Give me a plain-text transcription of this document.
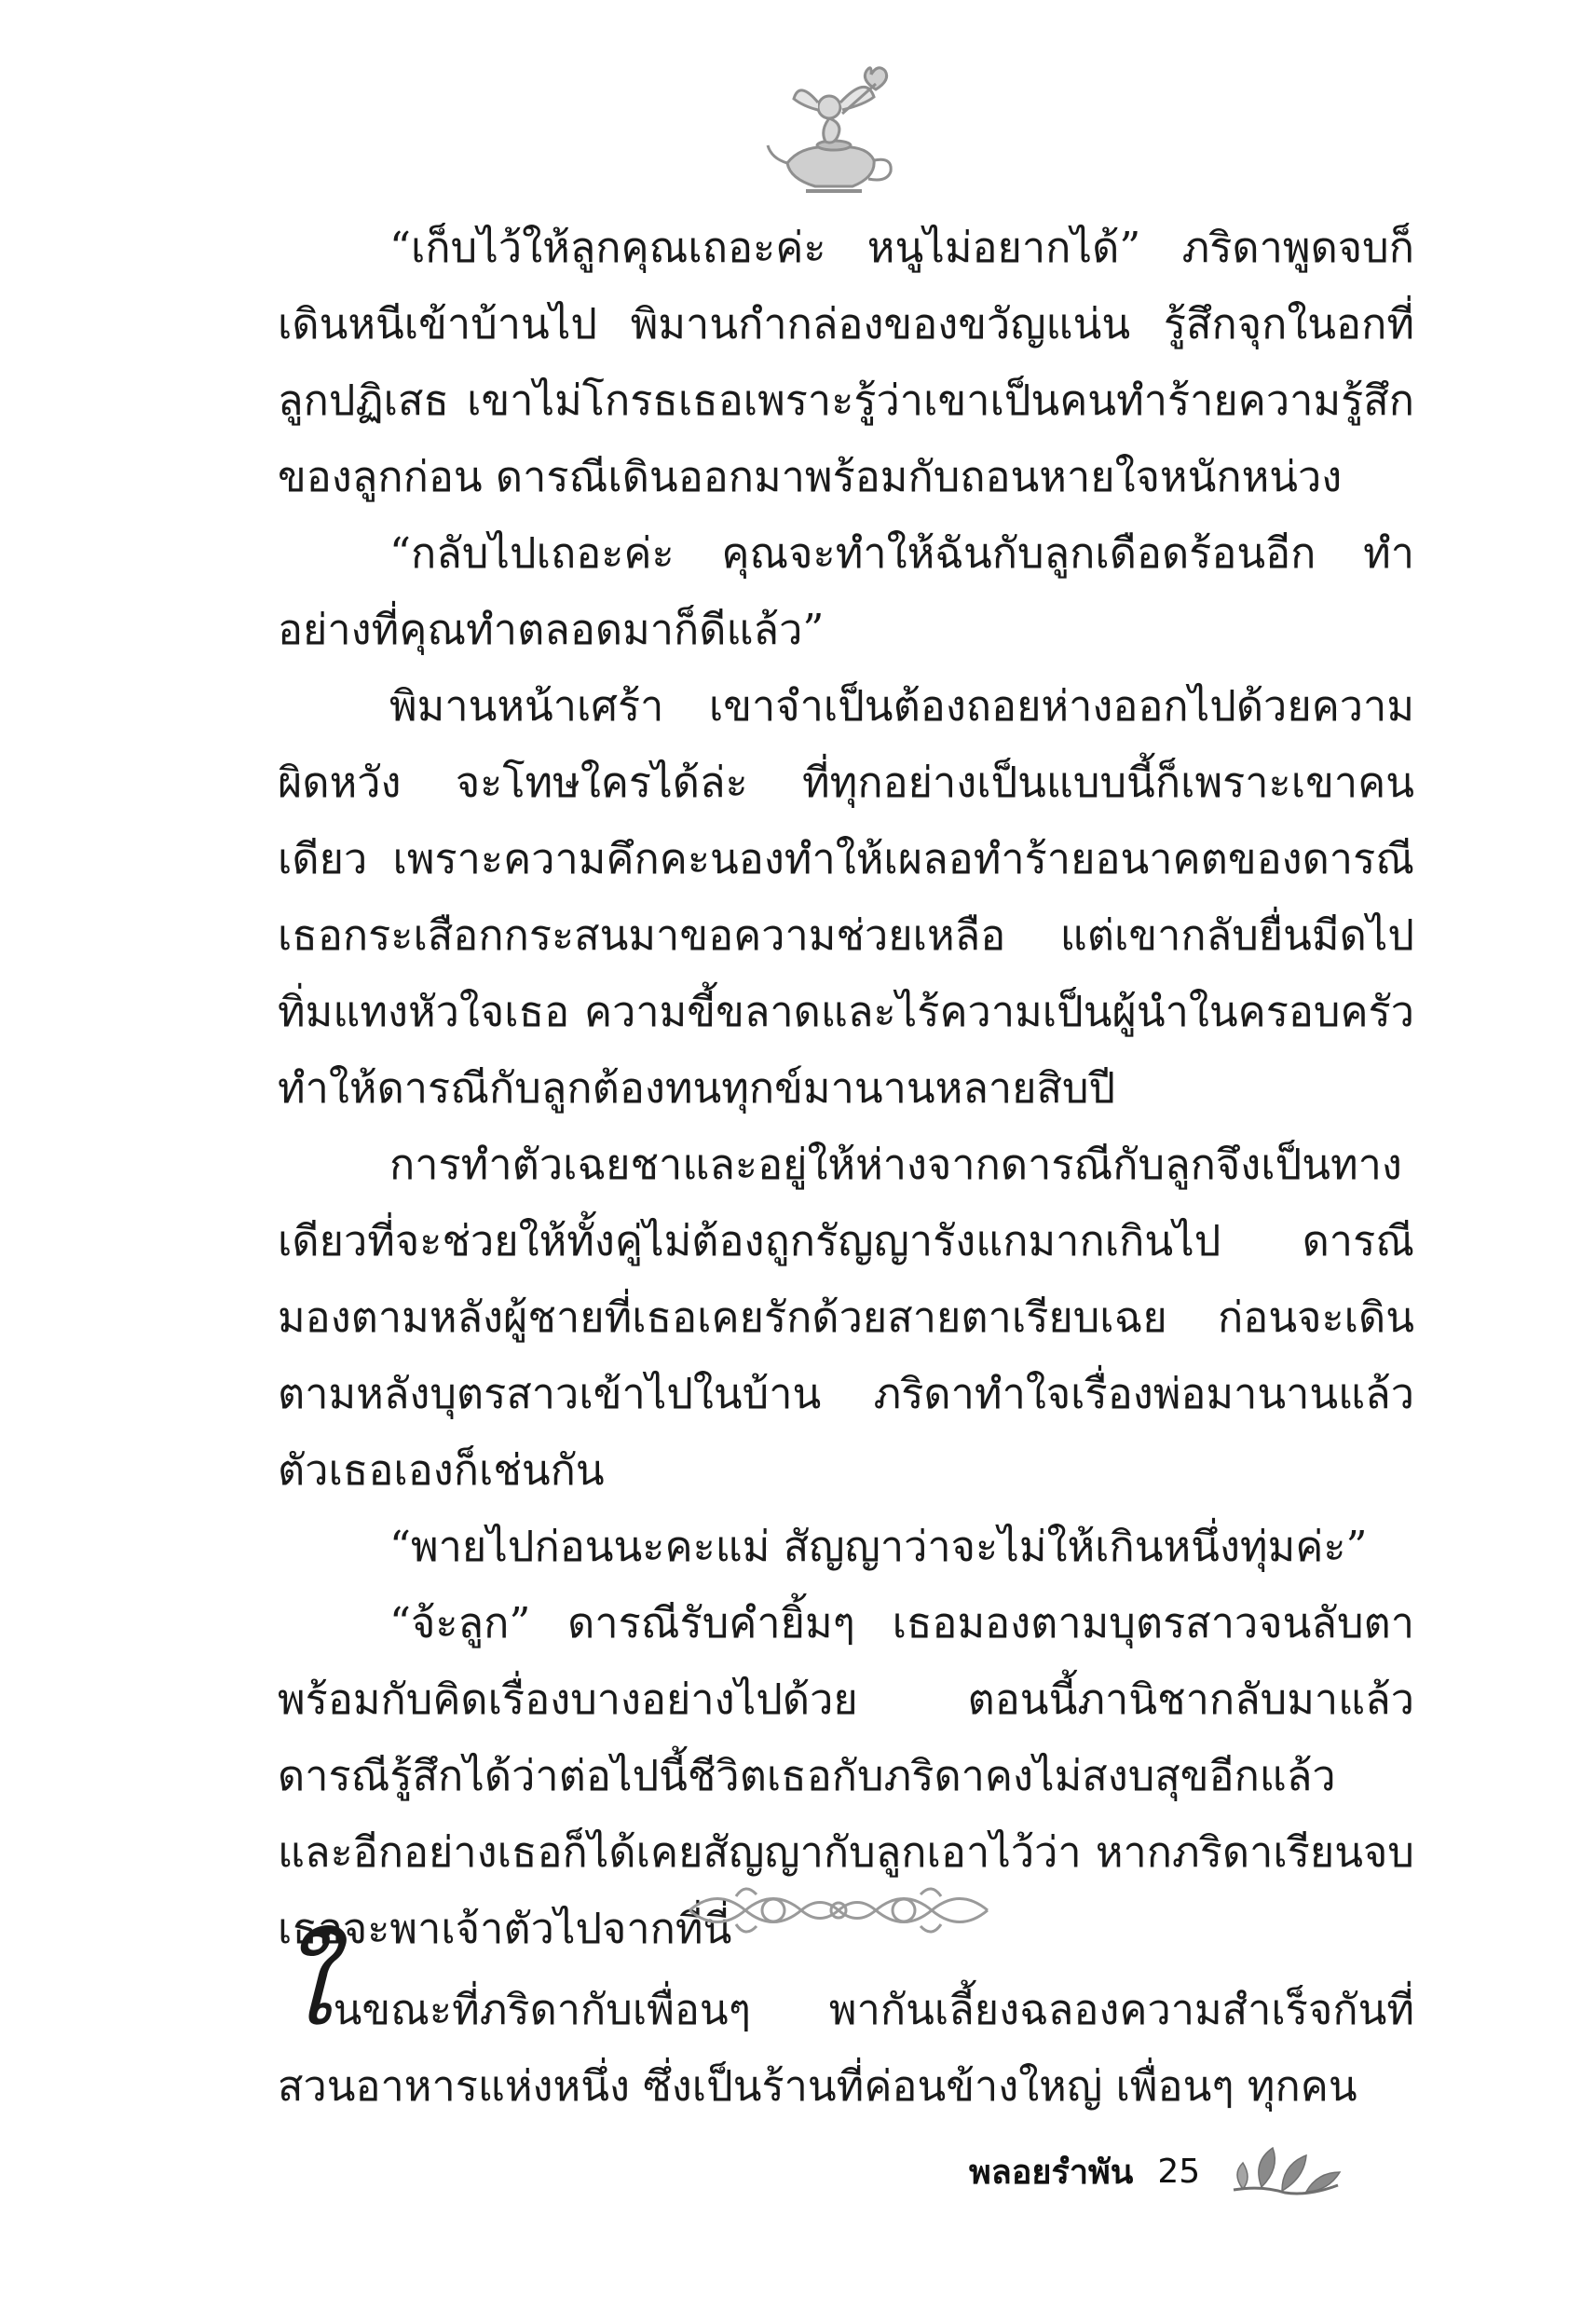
“เก็บไว้ให้ลูกคุณเถอะค่ะ หนูไม่อยากได้” ภริดาพูดจบก็เดินหนีเข้าบ้านไป พิมานกำกล่องของขวัญแน่น รู้สึกจุกในอกที่ลูกปฏิเสธ เขาไม่โกรธเธอเพราะรู้ว่าเขาเป็นคนทำร้ายความรู้สึกของลูกก่อน ดารณีเดินออกมาพร้อมกับถอนหายใจหนักหน่วง

“กลับไปเถอะค่ะ คุณจะทำให้ฉันกับลูกเดือดร้อนอีก ทำอย่างที่คุณทำตลอดมาก็ดีแล้ว”

พิมานหน้าเศร้า เขาจำเป็นต้องถอยห่างออกไปด้วยความผิดหวัง จะโทษใครได้ล่ะ ที่ทุกอย่างเป็นแบบนี้ก็เพราะเขาคนเดียว เพราะความคึกคะนองทำให้เผลอทำร้ายอนาคตของดารณี เธอกระเสือกกระสนมาขอความช่วยเหลือ แต่เขากลับยื่นมีดไปทิ่มแทงหัวใจเธอ ความขี้ขลาดและไร้ความเป็นผู้นำในครอบครัวทำให้ดารณีกับลูกต้องทนทุกข์มานานหลายสิบปี

การทำตัวเฉยชาและอยู่ให้ห่างจากดารณีกับลูกจึงเป็นทางเดียวที่จะช่วยให้ทั้งคู่ไม่ต้องถูกรัญญารังแกมากเกินไป ดารณีมองตามหลังผู้ชายที่เธอเคยรักด้วยสายตาเรียบเฉย ก่อนจะเดินตามหลังบุตรสาวเข้าไปในบ้าน ภริดาทำใจเรื่องพ่อมานานแล้ว ตัวเธอเองก็เช่นกัน

“พายไปก่อนนะคะแม่ สัญญาว่าจะไม่ให้เกินหนึ่งทุ่มค่ะ”

“จ้ะลูก” ดารณีรับคำยิ้มๆ เธอมองตามบุตรสาวจนลับตาพร้อมกับคิดเรื่องบางอย่างไปด้วย ตอนนี้ภานิชากลับมาแล้ว ดารณีรู้สึกได้ว่าต่อไปนี้ชีวิตเธอกับภริดาคงไม่สงบสุขอีกแล้ว และอีกอย่างเธอก็ได้เคยสัญญากับลูกเอาไว้ว่า หากภริดาเรียนจบเธอจะพาเจ้าตัวไปจากที่นี่

ในขณะที่ภริดากับเพื่อนๆ พากันเลี้ยงฉลองความสำเร็จกันที่สวนอาหารแห่งหนึ่ง ซึ่งเป็นร้านที่ค่อนข้างใหญ่ เพื่อนๆ ทุกคน
พลอยรำพัน 25
